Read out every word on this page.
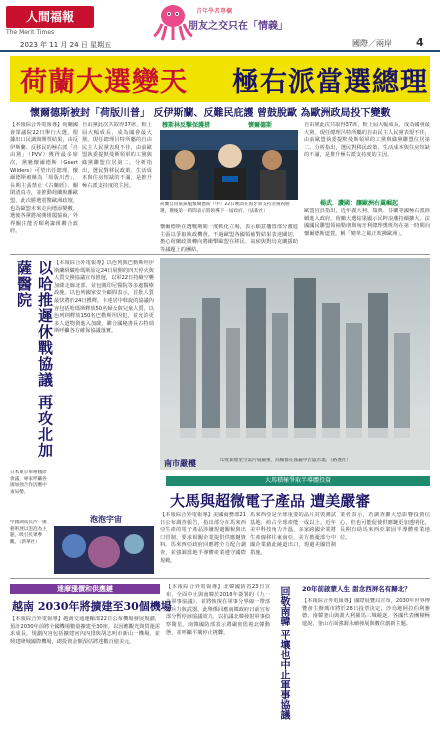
人間福報
The Merit Times
2023 年 11 月 24 日 星期五
青年學者專欄
朋友之交只在「情義」
國際／兩岸 4
荷蘭大選變天 極右派當選總理
懷爾德斯被封「荷版川普」 反伊斯蘭、反難民庇護 曾鼓脫歐 為歐洲政局投下變數
【本報綜合外電報導】荷蘭國會眾議院22日舉行大選，根據出口民調與開票結果，由反伊斯蘭、反移民的極右派「自由黨」（PVV）獲得最多席次，黨魁懷爾德斯（Geert Wilders）可望出任總理。懷爾德斯被稱為「荷版川普」，長期主張禁止《古蘭經》、關閉清真寺，並推動荷蘭脫離歐盟，此次勝選震驚歐洲政壇，也為歐盟未來走向增添變數。選後各黨將展開組閣協商，外界關注能否順利籌組聯合政府。
自由黨此次共取得37席，較上屆大幅成長，成為國會最大黨。現任總理呂特所屬的自由民主人民黨表現不佳，由前歐盟執委提默曼斯領軍的工黨與綠黨聯盟位居第二。分析指出，選民對移民政策、生活成本與住房短缺的不滿，是推升極右派支持度的主因。
穆斯林反擊保護措	懷爾德斯
荷蘭自由黨黨魁懷爾德斯（中）22日晚間在海牙與支持者慶祝勝選，選後第一時間表示將領導下一屆政府。（法新社）
懷爾德斯在選戰期間一度軟化立場，表示願意擱置部分激進主張以爭取執政機會。不過歐盟各國領袖對結果表達關切，擔心荷蘭政策轉向將衝擊歐盟在移民、氣候與對烏克蘭援助等議題上的團結。
自由黨此次共取得37席，較上屆大幅成長，成為國會最大黨。現任總理呂特所屬的自由民主人民黨表現不佳，由前歐盟執委提默曼斯領軍的工黨與綠黨聯盟位居第二。分析指出，選民對移民政策、生活成本與住房短缺的不滿，是推升極右派支持度的主因。
楊武．讚國：讓歐洲右翼崛起
歐盟官員指出，近年義大利、瑞典、芬蘭等國極右派陸續進入政府，荷蘭大選結果顯示民粹浪潮持續擴大。法國國民聯盟領袖勒朋與匈牙利總理奧班均在第一時間向懷爾德斯道賀，稱「變革之風正吹拂歐洲」。
以哈推遲休戰協議 再攻北加薩醫院	【本報綜合外電報導】以色列與巴勒斯坦伊斯蘭組織哈瑪斯原定24日展開的四天停火與人質交換協議宣布推遲，以軍22日持續空襲加薩走廊北部，並包圍印尼醫院等多處醫療設施。以色列國家安全顧問表示，首批人質最快將於24日獲釋。卡達居中斡旋的協議內容包括哈瑪斯釋放50名婦女與兒童人質，以色列則釋放150名巴勒斯坦囚犯，並允許更多人道物資進入加薩。聯合國秘書長古特瑞斯呼籲各方確保協議落實。
日本東京舉辦國際會議，專家呼籲各國加強合作因應中東局勢。
南市嚴樓	印度新德里空氣污染嚴重，高樓群在霧霾中若隱若現。（路透社）
泡泡宇宙
中國湖南長沙一處藝術展以泡泡為主題，吸引民眾參觀。（新華社）
大馬積極爭取半導體投資
大馬與超微電子產品 遭美嚴審
【本報綜合外電報導】美國商務部21日公布調查報告，指出部分在馬來西亞生產的電子產品涉嫌規避關稅與出口管制，要求相關企業提供供應鏈資料。馬來西亞政府回應將全力配合調查，並強調當地半導體產業遵守國際規範。
馬來西亞是全球重要的晶片封裝測試基地，約占全球產能一成以上。近年美中科技角力升溫，多家跨國企業將生產線移往東南亞，美方擔憂部分中國企業藉此繞道出口，規避美國管制措施。
業者表示，若調查擴大恐影響投資信心，但也可能促使供應鏈更加透明化，長期有助馬來西亞鞏固半導體產業地位。
達摩漲價和供應鏈
越南 2030年將擴建至30個機場
【本報綜合外電報導】越南交通運輸部22日公布機場發展規劃，預計2030年前將全國機場數量擴建至30座，以因應觀光與貨運需求成長。規劃內容包括擴建河內內排與胡志明市新山一機場，並興建隆城國際機場，總投資金額預估將達數百億美元。
【本報綜合外電報導】北韓國防省23日宣布，全面中止與南韓於2018年簽署的《九一九軍事協議》，並將恢復在軍事分界線一帶部署兵力與武器。此舉係回應南韓政府日前宣布部分暫停該協議效力，以抗議北韓發射軍事偵察衛星。南韓國防部表示將嚴密監視北韓動態，並呼籲平壤停止挑釁。	回敬南韓 平壤也中止軍事協議	20年前啟蒙人生 甜念西屏名有歸北？
【本報綜合外電報導】國際展覽局宣布，2030年世界博覽會主辦城市將於28日投票決定，沙烏地阿拉伯利雅德、南韓釜山與義大利羅馬三城競逐。各國代表團積極遊說，釜山方面強調永續發展與數位創新主題。
